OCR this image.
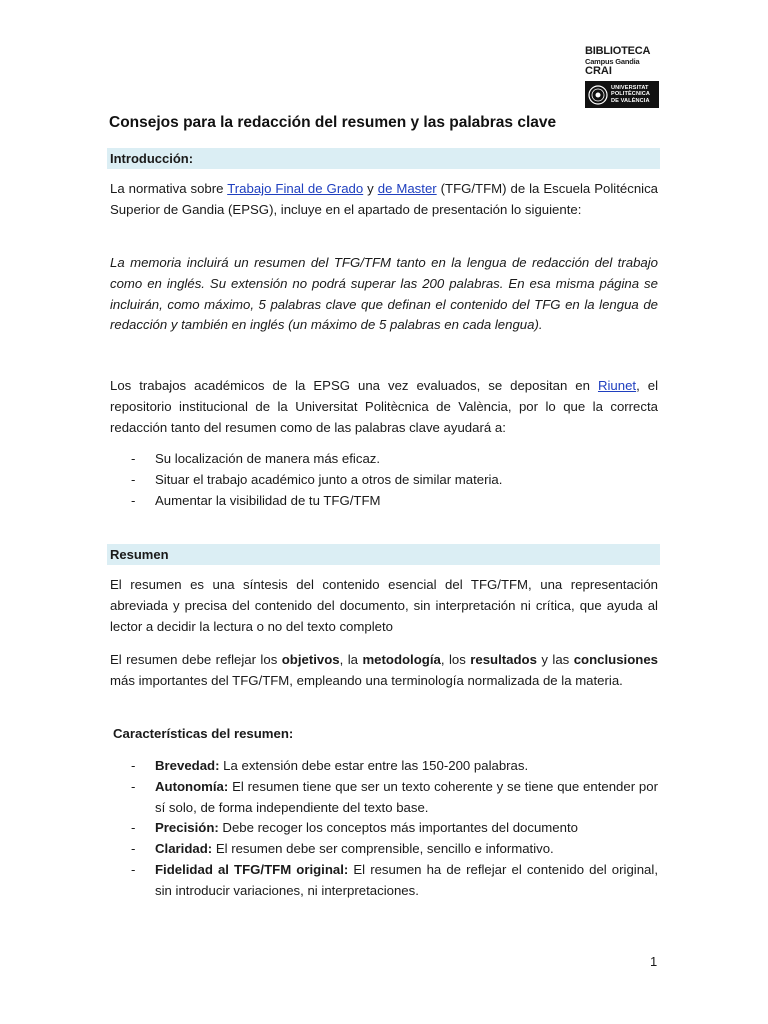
BIBLIOTECA
Campus Gandia
CRAI
UNIVERSITAT
POLITÈCNICA
DE VALÈNCIA
Consejos para la redacción del resumen y las palabras clave
Introducción:
La normativa sobre Trabajo Final de Grado y de Master (TFG/TFM) de la Escuela Politécnica Superior de Gandia (EPSG), incluye en el apartado de presentación lo siguiente:
La memoria incluirá un resumen del TFG/TFM tanto en la lengua de redacción del trabajo como en inglés. Su extensión no podrá superar las 200 palabras. En esa misma página se incluirán, como máximo, 5 palabras clave que definan el contenido del TFG en la lengua de redacción y también en inglés (un máximo de 5 palabras en cada lengua).
Los trabajos académicos de la EPSG una vez evaluados, se depositan en Riunet, el repositorio institucional de la Universitat Politècnica de València, por lo que la correcta redacción tanto del resumen como de las palabras clave ayudará a:
- Su localización de manera más eficaz.
- Situar el trabajo académico junto a otros de similar materia.
- Aumentar la visibilidad de tu TFG/TFM
Resumen
El resumen es una síntesis del contenido esencial del TFG/TFM, una representación abreviada y precisa del contenido del documento, sin interpretación ni crítica, que ayuda al lector a decidir la lectura o no del texto completo
El resumen debe reflejar los objetivos, la metodología, los resultados y las conclusiones más importantes del TFG/TFM, empleando una terminología normalizada de la materia.
Características del resumen:
- Brevedad: La extensión debe estar entre las 150-200 palabras.
- Autonomía: El resumen tiene que ser un texto coherente y se tiene que entender por sí solo, de forma independiente del texto base.
- Precisión: Debe recoger los conceptos más importantes del documento
- Claridad: El resumen debe ser comprensible, sencillo e informativo.
- Fidelidad al TFG/TFM original: El resumen ha de reflejar el contenido del original, sin introducir variaciones, ni interpretaciones.
1
